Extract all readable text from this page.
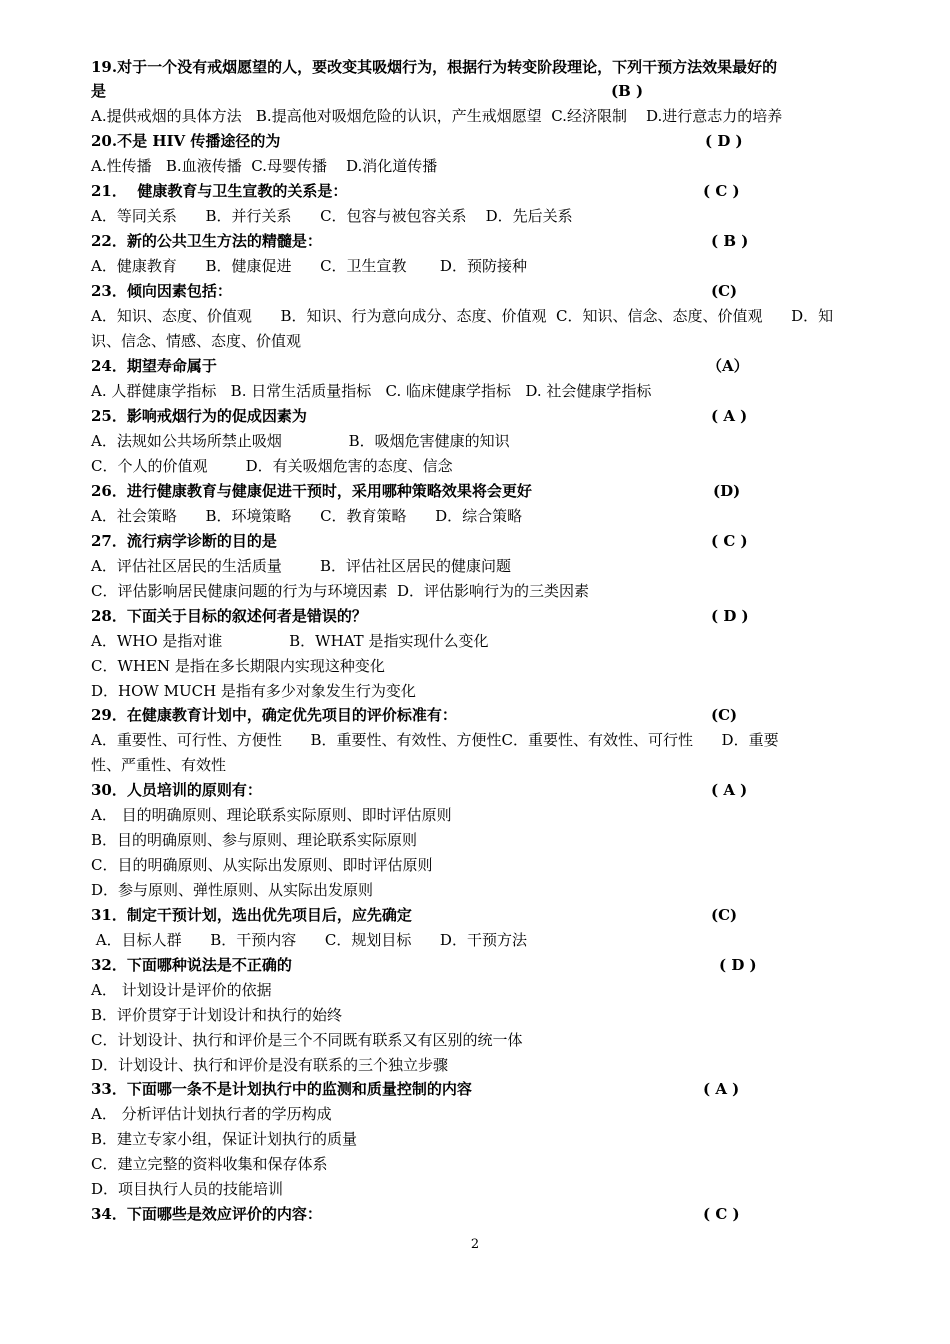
19.对于一个没有戒烟愿望的人，要改变其吸烟行为，根据行为转变阶段理论，下列干预方法效果最好的
是	(B )
A.提供戒烟的具体方法   B.提高他对吸烟危险的认识，产生戒烟愿望  C.经济限制    D.进行意志力的培养
20.不是 HIV 传播途径的为	( D )
A.性传播   B.血液传播  C.母婴传播    D.消化道传播
21．  健康教育与卫生宣教的关系是：	( C )
A．等同关系      B．并行关系      C．包容与被包容关系    D．先后关系
22．新的公共卫生方法的精髓是：	( B )
A．健康教育      B．健康促进      C．卫生宣教       D．预防接种
23．倾向因素包括：	(C)
A．知识、态度、价值观      B．知识、行为意向成分、态度、价值观  C．知识、信念、态度、价值观      D．知
识、信念、情感、态度、价值观
24．期望寿命属于	（A）
A. 人群健康学指标   B. 日常生活质量指标   C. 临床健康学指标   D. 社会健康学指标
25．影响戒烟行为的促成因素为	( A )
A．法规如公共场所禁止吸烟              B．吸烟危害健康的知识
C．个人的价值观        D．有关吸烟危害的态度、信念
26．进行健康教育与健康促进干预时，采用哪种策略效果将会更好	(D)
A．社会策略      B．环境策略      C．教育策略      D．综合策略
27．流行病学诊断的目的是	( C )
A．评估社区居民的生活质量        B．评估社区居民的健康问题
C．评估影响居民健康问题的行为与环境因素  D．评估影响行为的三类因素
28．下面关于目标的叙述何者是错误的？	( D )
A．WHO 是指对谁              B．WHAT 是指实现什么变化
C．WHEN 是指在多长期限内实现这种变化
D．HOW MUCH 是指有多少对象发生行为变化
29．在健康教育计划中，确定优先项目的评价标准有：	(C)
A．重要性、可行性、方便性      B．重要性、有效性、方便性C．重要性、有效性、可行性      D．重要
性、严重性、有效性
30．人员培训的原则有：	( A )
A． 目的明确原则、理论联系实际原则、即时评估原则
B．目的明确原则、参与原则、理论联系实际原则
C．目的明确原则、从实际出发原则、即时评估原则
D．参与原则、弹性原则、从实际出发原则
31．制定干预计划，选出优先项目后，应先确定	(C)
A．目标人群      B．干预内容      C．规划目标      D．干预方法
32．下面哪种说法是不正确的	( D )
A． 计划设计是评价的依据
B．评价贯穿于计划设计和执行的始终
C．计划设计、执行和评价是三个不同既有联系又有区别的统一体
D．计划设计、执行和评价是没有联系的三个独立步骤
33．下面哪一条不是计划执行中的监测和质量控制的内容	( A )
A． 分析评估计划执行者的学历构成
B．建立专家小组，保证计划执行的质量
C．建立完整的资料收集和保存体系
D．项目执行人员的技能培训
34．下面哪些是效应评价的内容：	( C )
2
